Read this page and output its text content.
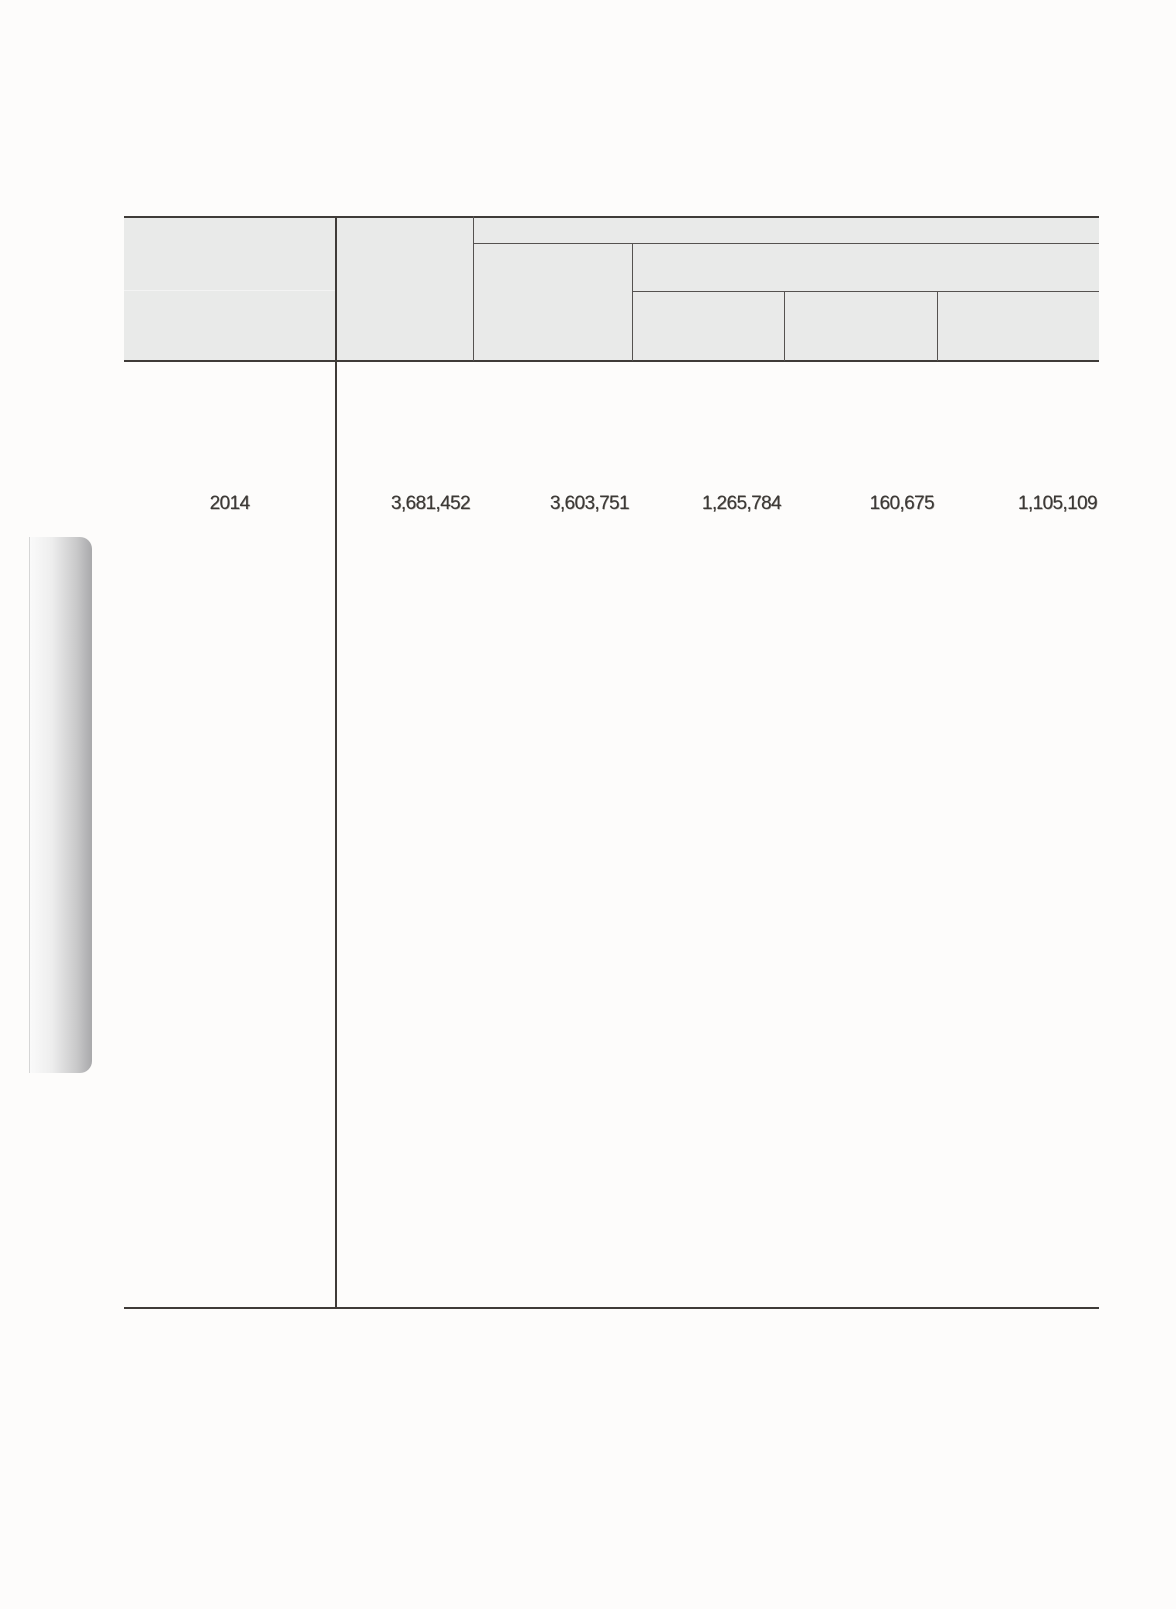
2014	3,681,452	3,603,751	1,265,784	160,675	1,105,109
